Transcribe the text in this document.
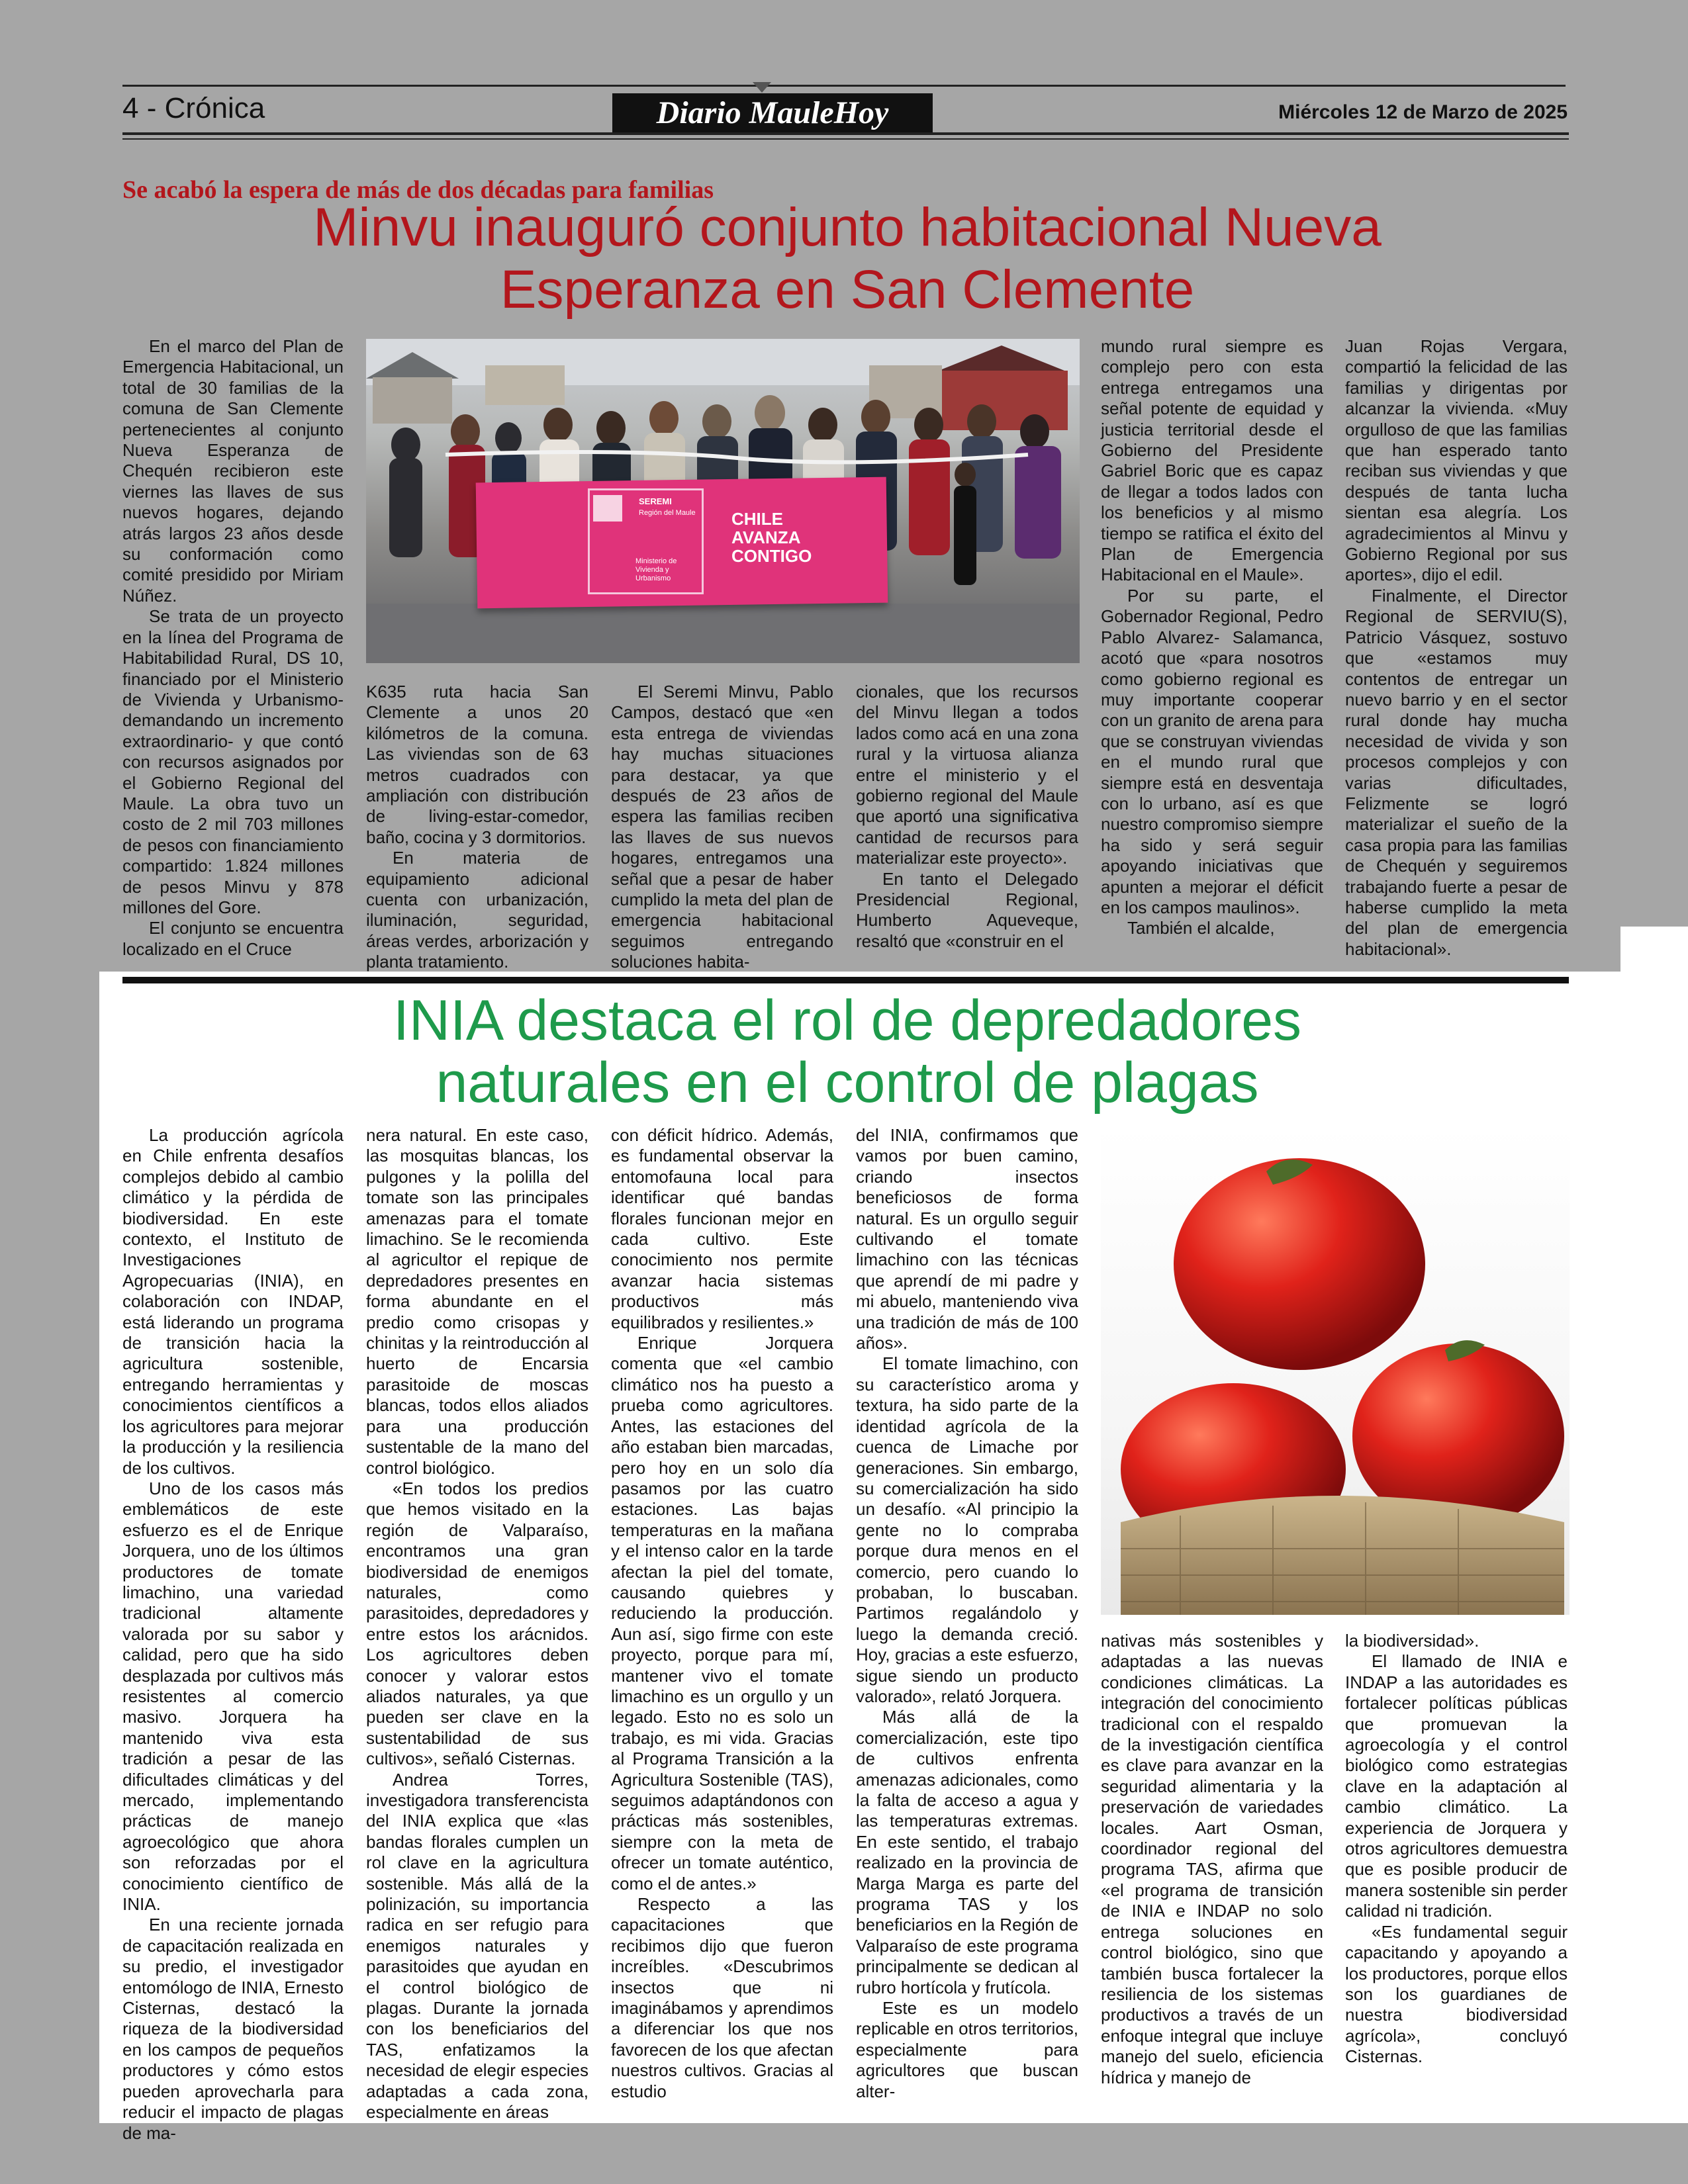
4 - Crónica	Diario MauleHoy	Miércoles 12 de Marzo de 2025
Se acabó la espera de más de dos décadas para familias
Minvu inauguró conjunto habitacional Nueva
Esperanza en San Clemente
SEREMI
Región del Maule
Ministerio de Vivienda y Urbanismo
CHILE AVANZA CONTIGO

En el marco del Plan de Emergencia Habitacional, un total de 30 familias de la comuna de San Clemente pertenecientes al conjunto Nueva Esperanza de Chequén recibieron este viernes las llaves de sus nuevos hogares, dejando atrás largos 23 años desde su conformación como comité presidido por Miriam Núñez.

Se trata de un proyecto en la línea del Programa de Habitabilidad Rural, DS 10, financiado por el Ministerio de Vivienda y Urbanismo-demandando un incremento extraordinario- y que contó con recursos asignados por el Gobierno Regional del Maule. La obra tuvo un costo de 2 mil 703 millones de pesos con financiamiento compartido: 1.824 millones de pesos Minvu y 878 millones del Gore.

El conjunto se encuentra localizado en el Cruce

K635 ruta hacia San Clemente a unos 20 kilómetros de la comuna. Las viviendas son de 63 metros cuadrados con ampliación con distribución de living-estar-comedor, baño, cocina y 3 dormitorios.

En materia de equipamiento adicional cuenta con urbanización, iluminación, seguridad, áreas verdes, arborización y planta tratamiento.

El Seremi Minvu, Pablo Campos, destacó que «en esta entrega de viviendas hay muchas situaciones para destacar, ya que después de 23 años de espera las familias reciben las llaves de sus nuevos hogares, entregamos una señal que a pesar de haber cumplido la meta del plan de emergencia habitacional seguimos entregando soluciones habita-

cionales, que los recursos del Minvu llegan a todos lados como acá en una zona rural y la virtuosa alianza entre el ministerio y el gobierno regional del Maule que aportó una significativa cantidad de recursos para materializar este proyecto».

En tanto el Delegado Presidencial Regional, Humberto Aqueveque, resaltó que «construir en el

mundo rural siempre es complejo pero con esta entrega entregamos una señal potente de equidad y justicia territorial desde el Gobierno del Presidente Gabriel Boric que es capaz de llegar a todos lados con los beneficios y al mismo tiempo se ratifica el éxito del Plan de Emergencia Habitacional en el Maule».

Por su parte, el Gobernador Regional, Pedro Pablo Alvarez- Salamanca, acotó que «para nosotros como gobierno regional es muy importante cooperar con un granito de arena para que se construyan viviendas en el mundo rural que siempre está en desventaja con lo urbano, así es que nuestro compromiso siempre ha sido y será seguir apoyando iniciativas que apunten a mejorar el déficit en los campos maulinos».

También el alcalde,

Juan Rojas Vergara, compartió la felicidad de las familias y dirigentas por alcanzar la vivienda. «Muy orgulloso de que las familias que han esperado tanto reciban sus viviendas y que después de tanta lucha sientan esa alegría. Los agradecimientos al Minvu y Gobierno Regional por sus aportes», dijo el edil.

Finalmente, el Director Regional de SERVIU(S), Patricio Vásquez, sostuvo que «estamos muy contentos de entregar un nuevo barrio y en el sector rural donde hay mucha necesidad de vivida y son procesos complejos y con varias dificultades, Felizmente se logró materializar el sueño de la casa propia para las familias de Chequén y seguiremos trabajando fuerte a pesar de haberse cumplido la meta del plan de emergencia habitacional».

INIA destaca el rol de depredadores
naturales en el control de plagas

La producción agrícola en Chile enfrenta desafíos complejos debido al cambio climático y la pérdida de biodiversidad. En este contexto, el Instituto de Investigaciones Agropecuarias (INIA), en colaboración con INDAP, está liderando un programa de transición hacia la agricultura sostenible, entregando herramientas y conocimientos científicos a los agricultores para mejorar la producción y la resiliencia de los cultivos.

Uno de los casos más emblemáticos de este esfuerzo es el de Enrique Jorquera, uno de los últimos productores de tomate limachino, una variedad tradicional altamente valorada por su sabor y calidad, pero que ha sido desplazada por cultivos más resistentes al comercio masivo. Jorquera ha mantenido viva esta tradición a pesar de las dificultades climáticas y del mercado, implementando prácticas de manejo agroecológico que ahora son reforzadas por el conocimiento científico de INIA.

En una reciente jornada de capacitación realizada en su predio, el investigador entomólogo de INIA, Ernesto Cisternas, destacó la riqueza de la biodiversidad en los campos de pequeños productores y cómo estos pueden aprovecharla para reducir el impacto de plagas de ma-

nera natural. En este caso, las mosquitas blancas, los pulgones y la polilla del tomate son las principales amenazas para el tomate limachino. Se le recomienda al agricultor el repique de depredadores presentes en forma abundante en el predio como crisopas y chinitas y la reintroducción al huerto de Encarsia parasitoide de moscas blancas, todos ellos aliados para una producción sustentable de la mano del control biológico.

«En todos los predios que hemos visitado en la región de Valparaíso, encontramos una gran biodiversidad de enemigos naturales, como parasitoides, depredadores y entre estos los arácnidos. Los agricultores deben conocer y valorar estos aliados naturales, ya que pueden ser clave en la sustentabilidad de sus cultivos», señaló Cisternas.

Andrea Torres, investigadora transferencista del INIA explica que «las bandas florales cumplen un rol clave en la agricultura sostenible. Más allá de la polinización, su importancia radica en ser refugio para enemigos naturales y parasitoides que ayudan en el control biológico de plagas. Durante la jornada con los beneficiarios del TAS, enfatizamos la necesidad de elegir especies adaptadas a cada zona, especialmente en áreas

con déficit hídrico. Además, es fundamental observar la entomofauna local para identificar qué bandas florales funcionan mejor en cada cultivo. Este conocimiento nos permite avanzar hacia sistemas productivos más equilibrados y resilientes.»

Enrique Jorquera comenta que «el cambio climático nos ha puesto a prueba como agricultores. Antes, las estaciones del año estaban bien marcadas, pero hoy en un solo día pasamos por las cuatro estaciones. Las bajas temperaturas en la mañana y el intenso calor en la tarde afectan la piel del tomate, causando quiebres y reduciendo la producción. Aun así, sigo firme con este proyecto, porque para mí, mantener vivo el tomate limachino es un orgullo y un legado. Esto no es solo un trabajo, es mi vida. Gracias al Programa Transición a la Agricultura Sostenible (TAS), seguimos adaptándonos con prácticas más sostenibles, siempre con la meta de ofrecer un tomate auténtico, como el de antes.»

Respecto a las capacitaciones que recibimos dijo que fueron increíbles. «Descubrimos insectos que ni imaginábamos y aprendimos a diferenciar los que nos favorecen de los que afectan nuestros cultivos. Gracias al estudio

del INIA, confirmamos que vamos por buen camino, criando insectos beneficiosos de forma natural. Es un orgullo seguir cultivando el tomate limachino con las técnicas que aprendí de mi padre y mi abuelo, manteniendo viva una tradición de más de 100 años».

El tomate limachino, con su característico aroma y textura, ha sido parte de la identidad agrícola de la cuenca de Limache por generaciones. Sin embargo, su comercialización ha sido un desafío. «Al principio la gente no lo compraba porque dura menos en el comercio, pero cuando lo probaban, lo buscaban. Partimos regalándolo y luego la demanda creció. Hoy, gracias a este esfuerzo, sigue siendo un producto valorado», relató Jorquera.

Más allá de la comercialización, este tipo de cultivos enfrenta amenazas adicionales, como la falta de acceso a agua y las temperaturas extremas. En este sentido, el trabajo realizado en la provincia de Marga Marga es parte del programa TAS y los beneficiarios en la Región de Valparaíso de este programa principalmente se dedican al rubro hortícola y frutícola.

Este es un modelo replicable en otros territorios, especialmente para agricultores que buscan alter-

nativas más sostenibles y adaptadas a las nuevas condiciones climáticas. La integración del conocimiento tradicional con el respaldo de la investigación científica es clave para avanzar en la seguridad alimentaria y la preservación de variedades locales. Aart Osman, coordinador regional del programa TAS, afirma que «el programa de transición de INIA e INDAP no solo entrega soluciones en control biológico, sino que también busca fortalecer la resiliencia de los sistemas productivos a través de un enfoque integral que incluye manejo del suelo, eficiencia hídrica y manejo de

la biodiversidad».

El llamado de INIA e INDAP a las autoridades es fortalecer políticas públicas que promuevan la agroecología y el control biológico como estrategias clave en la adaptación al cambio climático. La experiencia de Jorquera y otros agricultores demuestra que es posible producir de manera sostenible sin perder calidad ni tradición.

«Es fundamental seguir capacitando y apoyando a los productores, porque ellos son los guardianes de nuestra biodiversidad agrícola», concluyó Cisternas.
